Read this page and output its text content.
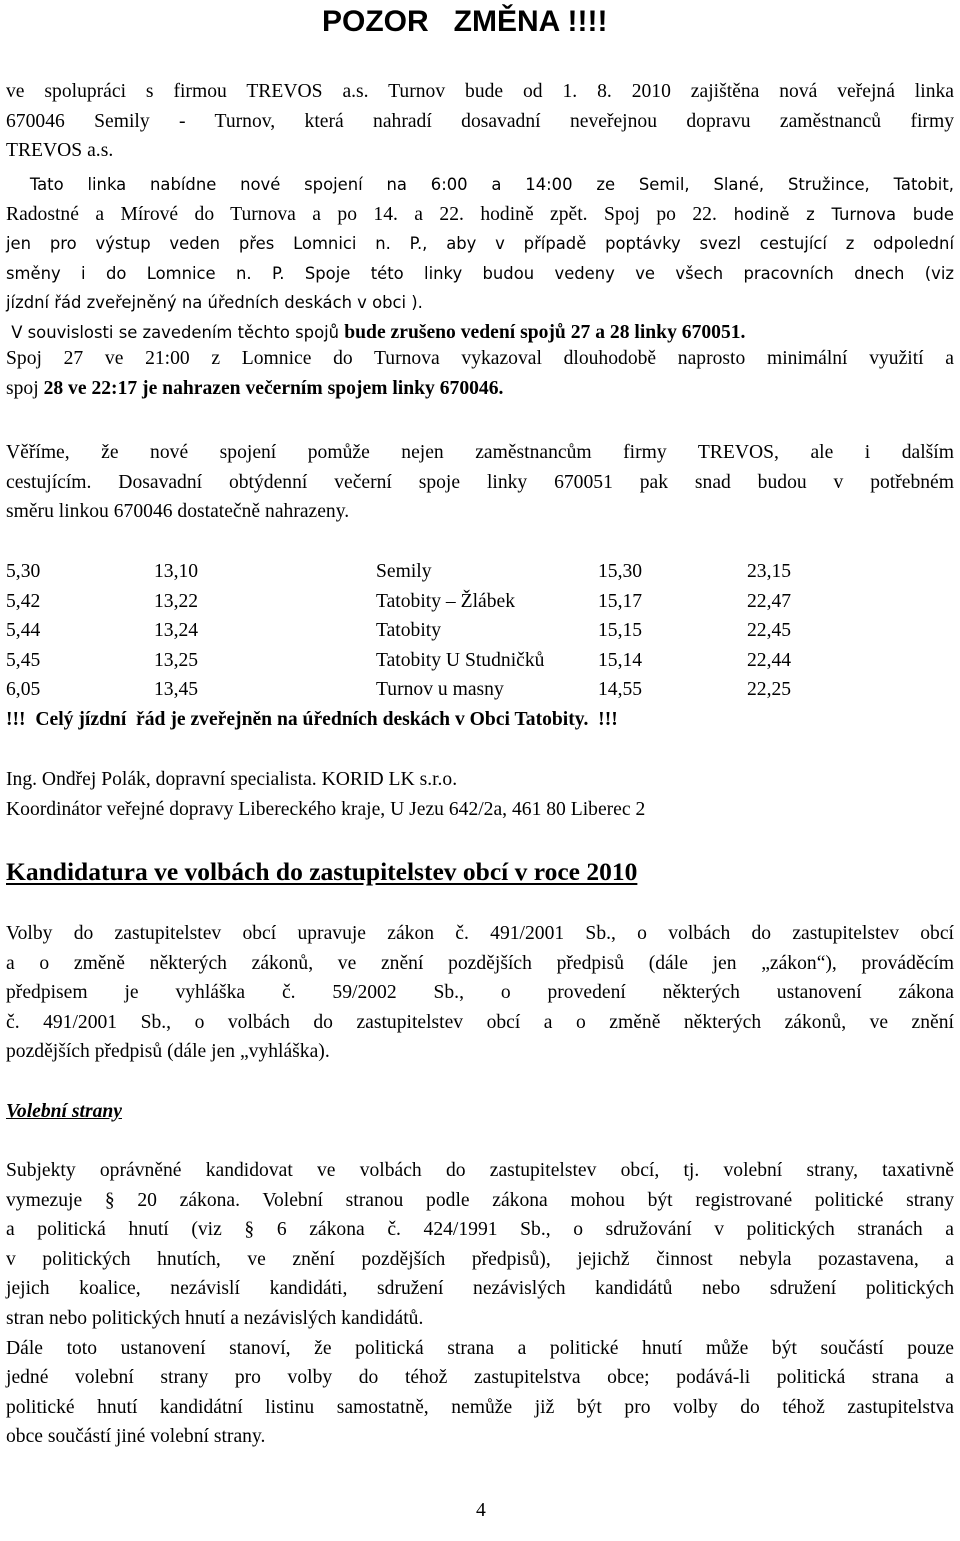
POZOR   ZMĚNA !!!!
ve spolupráci s firmou TREVOS a.s. Turnov bude od 1. 8. 2010 zajištěna nová veřejná linka
670046 Semily - Turnov, která nahradí dosavadní neveřejnou dopravu zaměstnanců firmy
TREVOS a.s.
Tato linka nabídne nové spojení na 6:00 a 14:00 ze Semil, Slané, Stružince, Tatobit,
Radostné a Mírové do Turnova a po 14. a 22. hodině zpět. Spoj po 22. hodině z Turnova bude
jen pro výstup veden přes Lomnici n. P., aby v případě poptávky svezl cestující z odpolední
směny i do Lomnice n. P. Spoje této linky budou vedeny ve všech pracovních dnech (viz
jízdní řád zveřejněný na úředních deskách v obci ).
V souvislosti se zavedením těchto spojů bude zrušeno vedení spojů 27 a 28 linky 670051.
Spoj 27 ve 21:00 z Lomnice do Turnova vykazoval dlouhodobě naprosto minimální využití a
spoj 28 ve 22:17 je nahrazen večerním spojem linky 670046.
Věříme, že nové spojení pomůže nejen zaměstnancům firmy TREVOS, ale i dalším
cestujícím. Dosavadní obtýdenní večerní spoje linky 670051 pak snad budou v potřebném
směru linkou 670046 dostatečně nahrazeny.
5,30	13,10	Semily	15,30	23,15
5,42	13,22	Tatobity – Žlábek	15,17	22,47
5,44	13,24	Tatobity	15,15	22,45
5,45	13,25	Tatobity U Studničků	15,14	22,44
6,05	13,45	Turnov u masny	14,55	22,25
!!!  Celý jízdní  řád je zveřejněn na úředních deskách v Obci Tatobity.  !!!
Ing. Ondřej Polák, dopravní specialista. KORID LK s.r.o.
Koordinátor veřejné dopravy Libereckého kraje, U Jezu 642/2a, 461 80 Liberec 2
Kandidatura ve volbách do zastupitelstev obcí v roce 2010
Volby do zastupitelstev obcí upravuje zákon č. 491/2001 Sb., o volbách do zastupitelstev obcí
a o změně některých zákonů, ve znění pozdějších předpisů (dále jen „zákon“), prováděcím
předpisem je vyhláška č. 59/2002 Sb., o provedení některých ustanovení zákona
č. 491/2001 Sb., o volbách do zastupitelstev obcí a o změně některých zákonů, ve znění
pozdějších předpisů (dále jen „vyhláška).
Volební strany
Subjekty oprávněné kandidovat ve volbách do zastupitelstev obcí, tj. volební strany, taxativně
vymezuje § 20 zákona. Volební stranou podle zákona mohou být registrované politické strany
a politická hnutí (viz § 6 zákona č. 424/1991 Sb., o sdružování v politických stranách a
v politických hnutích, ve znění pozdějších předpisů), jejichž činnost nebyla pozastavena, a
jejich koalice, nezávislí kandidáti, sdružení nezávislých kandidátů nebo sdružení politických
stran nebo politických hnutí a nezávislých kandidátů.
Dále toto ustanovení stanoví, že politická strana a politické hnutí může být součástí pouze
jedné volební strany pro volby do téhož zastupitelstva obce; podává-li politická strana a
politické hnutí kandidátní listinu samostatně, nemůže již být pro volby do téhož zastupitelstva
obce součástí jiné volební strany.
4
